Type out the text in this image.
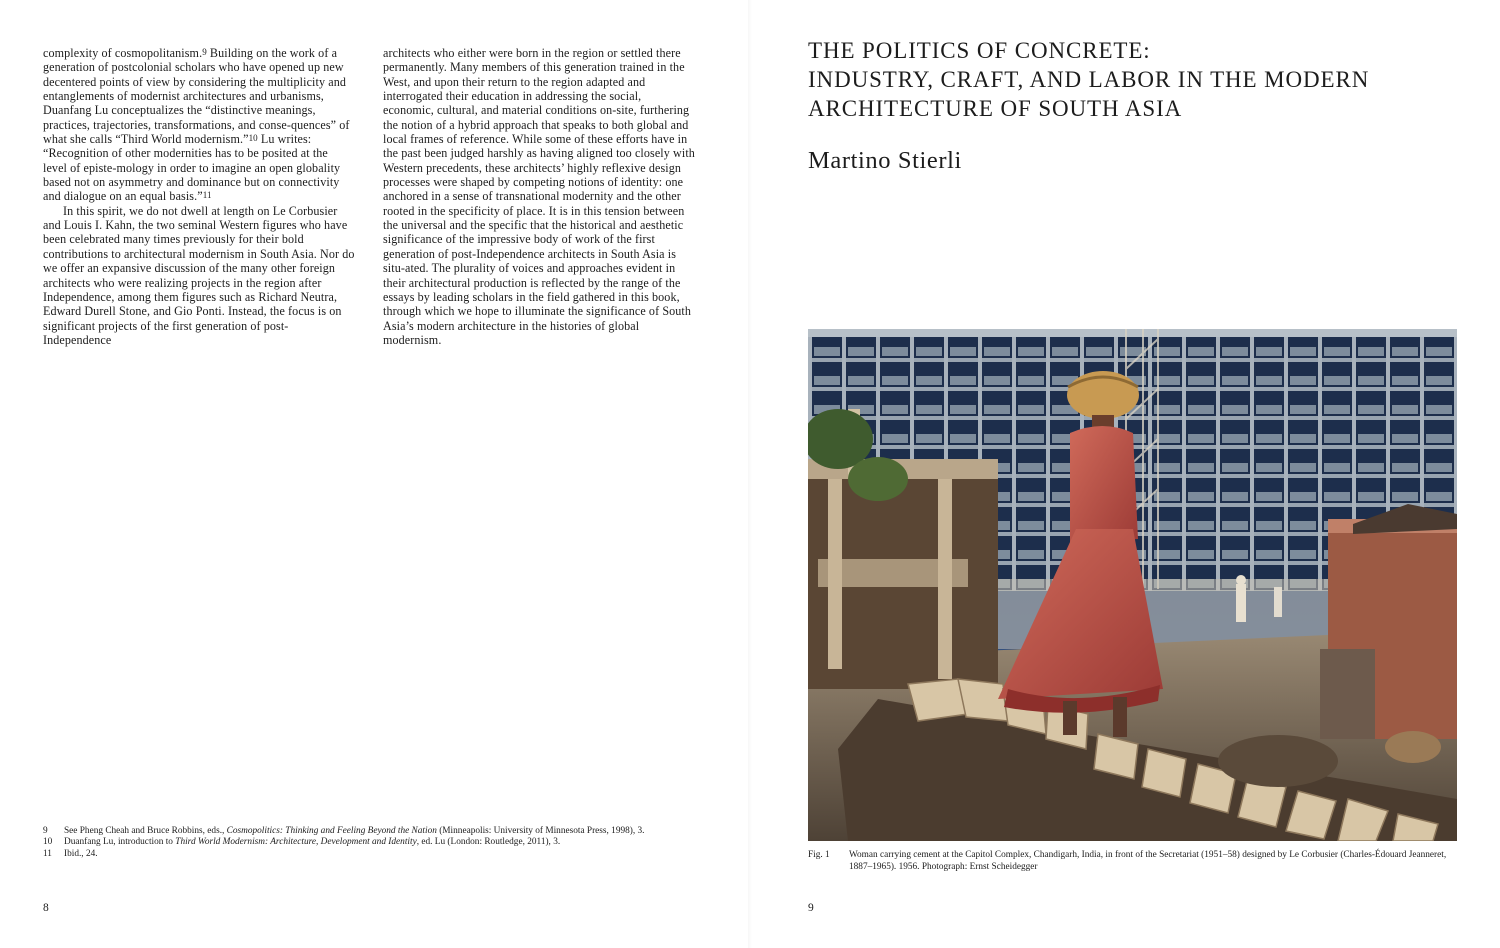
complexity of cosmopolitanism.$^9$ Building on the work of a generation of postcolonial scholars who have opened up new decentered points of view by considering the multiplicity and entanglements of modernist architectures and urbanisms, Duanfang Lu conceptualizes the “distinctive meanings, practices, trajectories, transformations, and conse-quences” of what she calls “Third World modernism.”$^{10}$ Lu writes: “Recognition of other modernities has to be posited at the level of episte-mology in order to imagine an open globality based not on asymmetry and dominance but on connectivity and dialogue on an equal basis.”$^{11}$

In this spirit, we do not dwell at length on Le Corbusier and Louis I. Kahn, the two seminal Western figures who have been celebrated many times previously for their bold contributions to architectural modernism in South Asia. Nor do we offer an expansive discussion of the many other foreign architects who were realizing projects in the region after Independence, among them figures such as Richard Neutra, Edward Durell Stone, and Gio Ponti. Instead, the focus is on significant projects of the first generation of post-Independence

architects who either were born in the region or settled there permanently. Many members of this generation trained in the West, and upon their return to the region adapted and interrogated their education in addressing the social, economic, cultural, and material conditions on-site, furthering the notion of a hybrid approach that speaks to both global and local frames of reference. While some of these efforts have in the past been judged harshly as having aligned too closely with Western precedents, these architects’ highly reflexive design processes were shaped by competing notions of identity: one anchored in a sense of transnational modernity and the other rooted in the specificity of place. It is in this tension between the universal and the specific that the historical and aesthetic significance of the impressive body of work of the first generation of post-Independence architects in South Asia is situ-ated. The plurality of voices and approaches evident in their architectural production is reflected by the range of the essays by leading scholars in the field gathered in this book, through which we hope to illuminate the significance of South Asia’s modern architecture in the histories of global modernism.

9	See Pheng Cheah and Bruce Robbins, eds., Cosmopolitics: Thinking and Feeling Beyond the Nation (Minneapolis: University of Minnesota Press, 1998), 3.
10	Duanfang Lu, introduction to Third World Modernism: Architecture, Development and Identity, ed. Lu (London: Routledge, 2011), 3.
11	Ibid., 24.
8
THE POLITICS OF CONCRETE:
INDUSTRY, CRAFT, AND LABOR IN THE MODERN
ARCHITECTURE OF SOUTH ASIA
Martino Stierli
Fig. 1	Woman carrying cement at the Capitol Complex, Chandigarh, India, in front of the Secretariat (1951–58) designed by Le Corbusier (Charles-Édouard Jeanneret, 1887–1965). 1956. Photograph: Ernst Scheidegger
9
